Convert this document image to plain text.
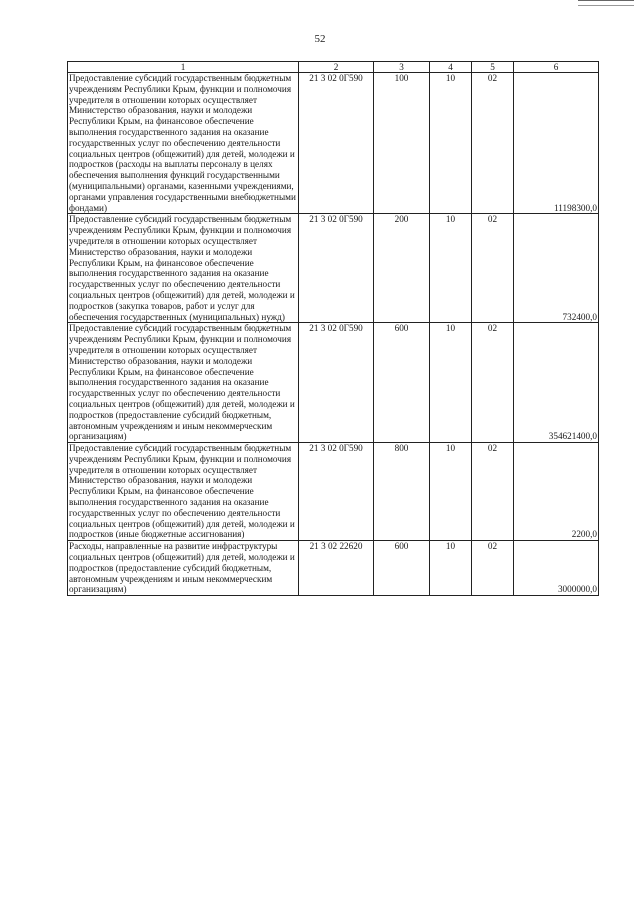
52
1	2	3	4	5	6
Предоставление субсидий государственным бюджетным учреждениям Республики Крым, функции и полномочия учредителя в отношении которых осуществляет Министерство образования, науки и молодежи Республики Крым, на финансовое обеспечение выполнения государственного задания на оказание государственных услуг по обеспечению деятельности социальных центров (общежитий) для детей, молодежи и подростков (расходы на выплаты персоналу в целях обеспечения выполнения функций государственными (муниципальными) органами, казенными учреждениями, органами управления государственными внебюджетными фондами)	21 3 02 0Г590	100	10	02	11198300,0
Предоставление субсидий государственным бюджетным учреждениям Республики Крым, функции и полномочия учредителя в отношении которых осуществляет Министерство образования, науки и молодежи Республики Крым, на финансовое обеспечение выполнения государственного задания на оказание государственных услуг по обеспечению деятельности социальных центров (общежитий) для детей, молодежи и подростков (закупка товаров, работ и услуг для обеспечения государственных (муниципальных) нужд)	21 3 02 0Г590	200	10	02	732400,0
Предоставление субсидий государственным бюджетным учреждениям Республики Крым, функции и полномочия учредителя в отношении которых осуществляет Министерство образования, науки и молодежи Республики Крым, на финансовое обеспечение выполнения государственного задания на оказание государственных услуг по обеспечению деятельности социальных центров (общежитий) для детей, молодежи и подростков (предоставление субсидий бюджетным, автономным учреждениям и иным некоммерческим организациям)	21 3 02 0Г590	600	10	02	354621400,0
Предоставление субсидий государственным бюджетным учреждениям Республики Крым, функции и полномочия учредителя в отношении которых осуществляет Министерство образования, науки и молодежи Республики Крым, на финансовое обеспечение выполнения государственного задания на оказание государственных услуг по обеспечению деятельности социальных центров (общежитий) для детей, молодежи и подростков (иные бюджетные ассигнования)	21 3 02 0Г590	800	10	02	2200,0
Расходы, направленные на развитие инфраструктуры социальных центров (общежитий) для детей, молодежи и подростков (предоставление субсидий бюджетным, автономным учреждениям и иным некоммерческим организациям)	21 3 02 22620	600	10	02	3000000,0
